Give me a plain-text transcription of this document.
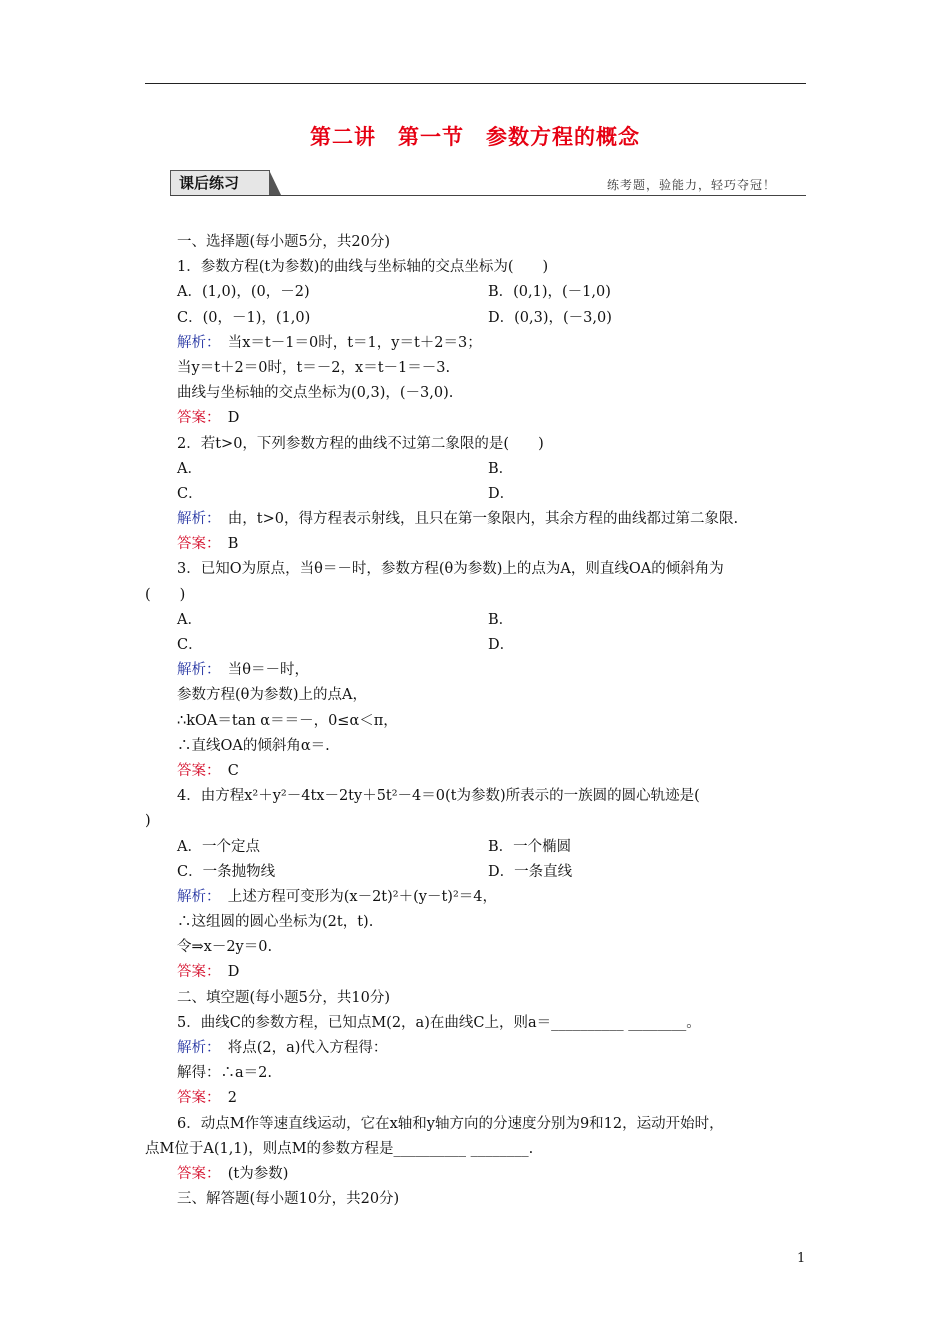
第二讲　第一节　参数方程的概念
课后练习	练考题，验能力，轻巧夺冠！
一、选择题(每小题5分，共20分)
1．参数方程(t为参数)的曲线与坐标轴的交点坐标为(　　)
A．(1,0)，(0，－2)	B．(0,1)，(－1,0)
C．(0，－1)，(1,0)	D．(0,3)，(－3,0)
解析：　当x＝t－1＝0时，t＝1，y＝t＋2＝3；
当y＝t＋2＝0时，t＝－2，x＝t－1＝－3.
曲线与坐标轴的交点坐标为(0,3)，(－3,0).
答案：　D
2．若t>0，下列参数方程的曲线不过第二象限的是(　　)
A．	B．
C．	D．
解析：　由，t>0，得方程表示射线，且只在第一象限内，其余方程的曲线都过第二象限.
答案：　B
3．已知O为原点，当θ＝－时，参数方程(θ为参数)上的点为A，则直线OA的倾斜角为
(　　)
A．	B．
C．	D．
解析：　当θ＝－时，
参数方程(θ为参数)上的点A，
∴kOA＝tan α＝＝－，0≤α＜π，
∴直线OA的倾斜角α＝.
答案：　C
4．由方程x²＋y²－4tx－2ty＋5t²－4＝0(t为参数)所表示的一族圆的圆心轨迹是(
)
A．一个定点	B．一个椭圆
C．一条抛物线	D．一条直线
解析：　上述方程可变形为(x－2t)²＋(y－t)²＝4，
∴这组圆的圆心坐标为(2t，t).
令⇒x－2y＝0.
答案：　D
二、填空题(每小题5分，共10分)
5．曲线C的参数方程，已知点M(2，a)在曲线C上，则a＝__________ ________。
解析：　将点(2，a)代入方程得：
解得：∴a＝2.
答案：　2
6．动点M作等速直线运动，它在x轴和y轴方向的分速度分别为9和12，运动开始时，
点M位于A(1,1)，则点M的参数方程是__________ ________.
答案：　(t为参数)
三、解答题(每小题10分，共20分)
1
